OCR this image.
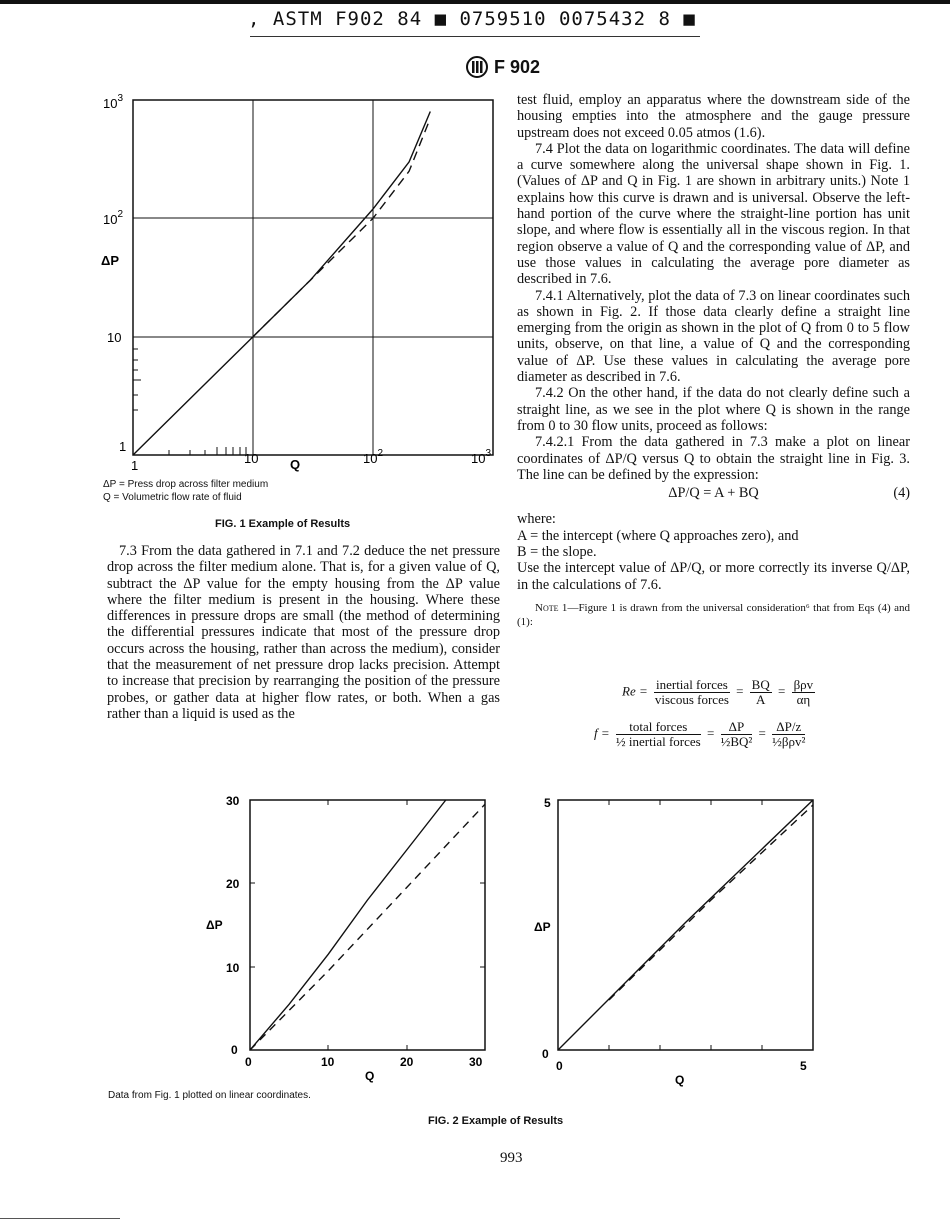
, ASTM F902 84 ■ 0759510 0075432 8 ■
F 902
$10^3$
$10^2$
10
1
ΔP
1	10	$10^2$	$10^3$
Q
ΔP = Press drop across filter medium
Q = Volumetric flow rate of fluid
FIG. 1 Example of Results

test fluid, employ an apparatus where the downstream side of the housing empties into the atmosphere and the gauge pressure upstream does not exceed 0.05 atmos (1.6).

7.4 Plot the data on logarithmic coordinates. The data will define a curve somewhere along the universal shape shown in Fig. 1. (Values of ΔP and Q in Fig. 1 are shown in arbitrary units.) Note 1 explains how this curve is drawn and is universal. Observe the left-hand portion of the curve where the straight-line portion has unit slope, and where flow is essentially all in the viscous region. In that region observe a value of Q and the corresponding value of ΔP, and use those values in calculating the average pore diameter as described in 7.6.

7.4.1 Alternatively, plot the data of 7.3 on linear coordinates such as shown in Fig. 2. If those data clearly define a straight line emerging from the origin as shown in the plot of Q from 0 to 5 flow units, observe, on that line, a value of Q and the corresponding value of ΔP. Use these values in calculating the average pore diameter as described in 7.6.

7.4.2 On the other hand, if the data do not clearly define such a straight line, as we see in the plot where Q is shown in the range from 0 to 30 flow units, proceed as follows:

7.4.2.1 From the data gathered in 7.3 make a plot on linear coordinates of ΔP/Q versus Q to obtain the straight line in Fig. 3. The line can be defined by the expression:

ΔP/Q = A + BQ	(4)

where:

A = the intercept (where Q approaches zero), and

B = the slope.

Use the intercept value of ΔP/Q, or more correctly its inverse Q/ΔP, in the calculations of 7.6.

Note 1—Figure 1 is drawn from the universal consideration⁶ that from Eqs (4) and (1):

$Re = \frac{\text{inertial forces}}{\text{viscous forces}} = \frac{BQ}{A} = \frac{\text{βρv}}{\alpha\eta}$
$f = \frac{\text{total forces}}{\text{½ inertial forces}} = \frac{\Delta P}{\text{½BQ²}} = \frac{\Delta P/z}{\text{½βρv²}}$

7.3 From the data gathered in 7.1 and 7.2 deduce the net pressure drop across the filter medium alone. That is, for a given value of Q, subtract the ΔP value for the empty housing from the ΔP value where the filter medium is present in the housing. Where these differences in pressure drops are small (the method of determining the differential pressures indicate that most of the pressure drop occurs across the housing, rather than across the medium), consider that the measurement of net pressure drop lacks precision. Attempt to increase that precision by rearranging the position of the pressure probes, or gather data at higher flow rates, or both. When a gas rather than a liquid is used as the

30
20
10
0
ΔP
0	10	20	30
Q
5
0
ΔP
0	5
Q
Data from Fig. 1 plotted on linear coordinates.
FIG. 2 Example of Results
993
